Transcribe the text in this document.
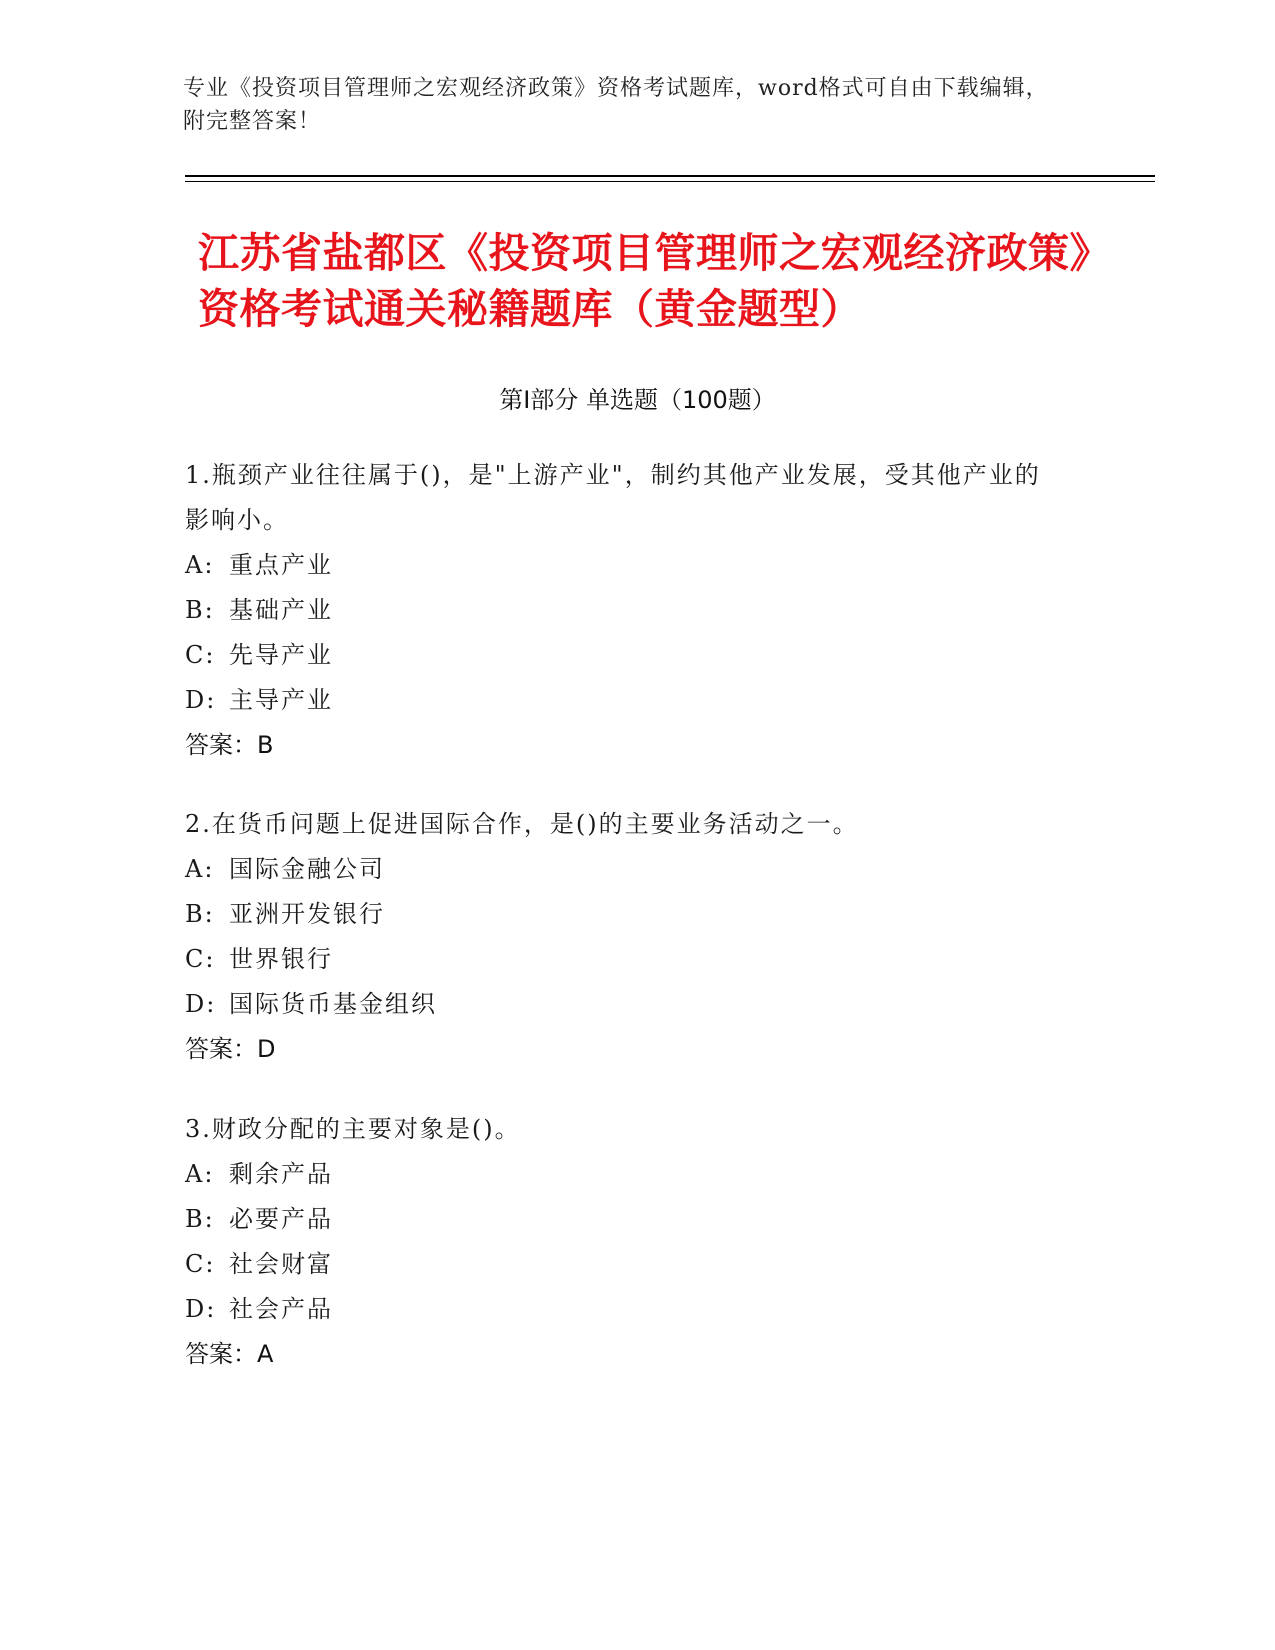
专业《投资项目管理师之宏观经济政策》资格考试题库，word格式可自由下载编辑，附完整答案！
江苏省盐都区《投资项目管理师之宏观经济政策》资格考试通关秘籍题库（黄金题型）
第Ⅰ部分 单选题（100题）

1.瓶颈产业往往属于()，是"上游产业"，制约其他产业发展，受其他产业的影响小。

A: 重点产业

B: 基础产业

C: 先导产业

D: 主导产业

答案：B

2.在货币问题上促进国际合作，是()的主要业务活动之一。

A: 国际金融公司

B: 亚洲开发银行

C: 世界银行

D: 国际货币基金组织

答案：D

3.财政分配的主要对象是()。

A: 剩余产品

B: 必要产品

C: 社会财富

D: 社会产品

答案：A
